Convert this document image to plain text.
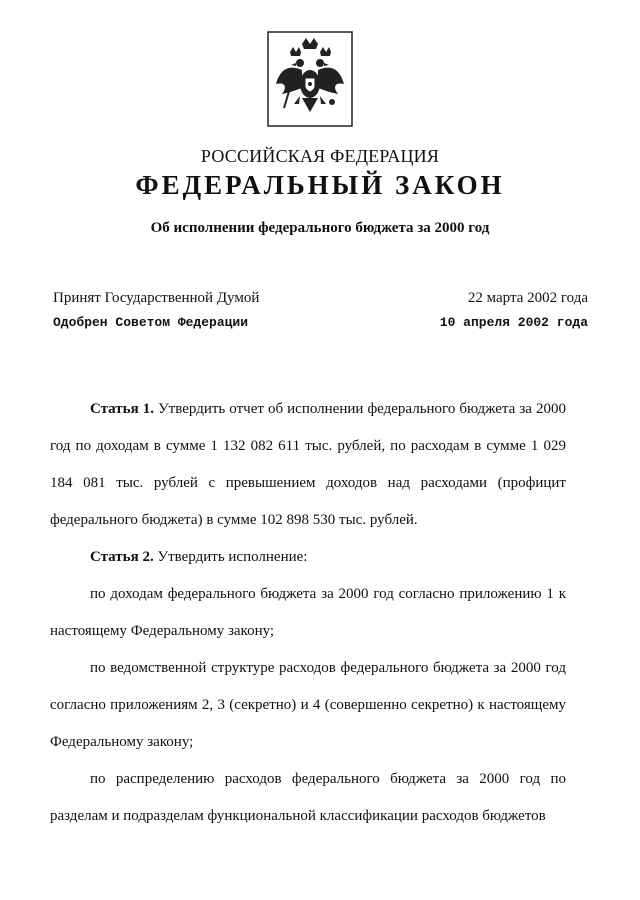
РОССИЙСКАЯ ФЕДЕРАЦИЯ
ФЕДЕРАЛЬНЫЙ ЗАКОН
Об исполнении федерального бюджета за 2000 год
Принят Государственной Думой	22 марта 2002 года
Одобрен Советом Федерации	10 апреля 2002 года

Статья 1. Утвердить отчет об исполнении федерального бюджета за 2000 год по доходам в сумме 1 132 082 611 тыс. рублей, по расходам в сумме 1 029 184 081 тыс. рублей с превышением доходов над расходами (профицит федерального бюджета) в сумме 102 898 530 тыс. рублей.

Статья 2. Утвердить исполнение:

по доходам федерального бюджета за 2000 год согласно приложению 1 к настоящему Федеральному закону;

по ведомственной структуре расходов федерального бюджета за 2000 год согласно приложениям 2, 3 (секретно) и 4 (совершенно секретно) к настоящему Федеральному закону;

по распределению расходов федерального бюджета за 2000 год по разделам и подразделам функциональной классификации расходов бюджетов
